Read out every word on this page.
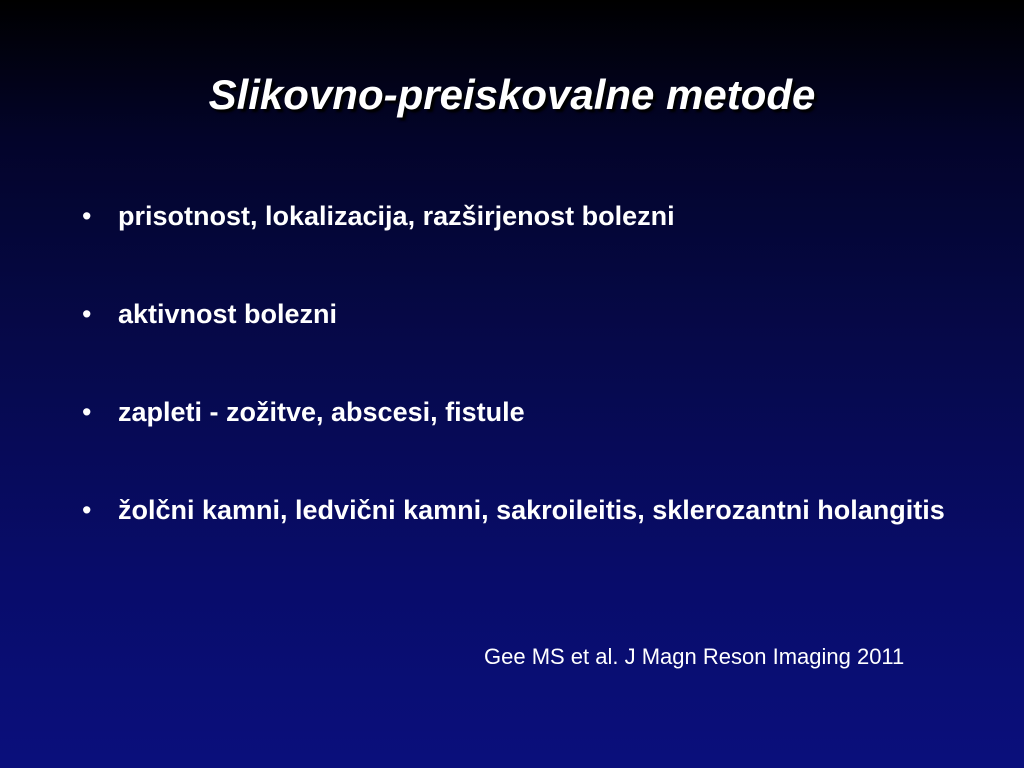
Slikovno-preiskovalne metode
• prisotnost, lokalizacija, razširjenost bolezni
• aktivnost bolezni
• zapleti - zožitve, abscesi, fistule
• žolčni kamni, ledvični kamni, sakroileitis, sklerozantni holangitis
Gee MS et al. J Magn Reson Imaging 2011
